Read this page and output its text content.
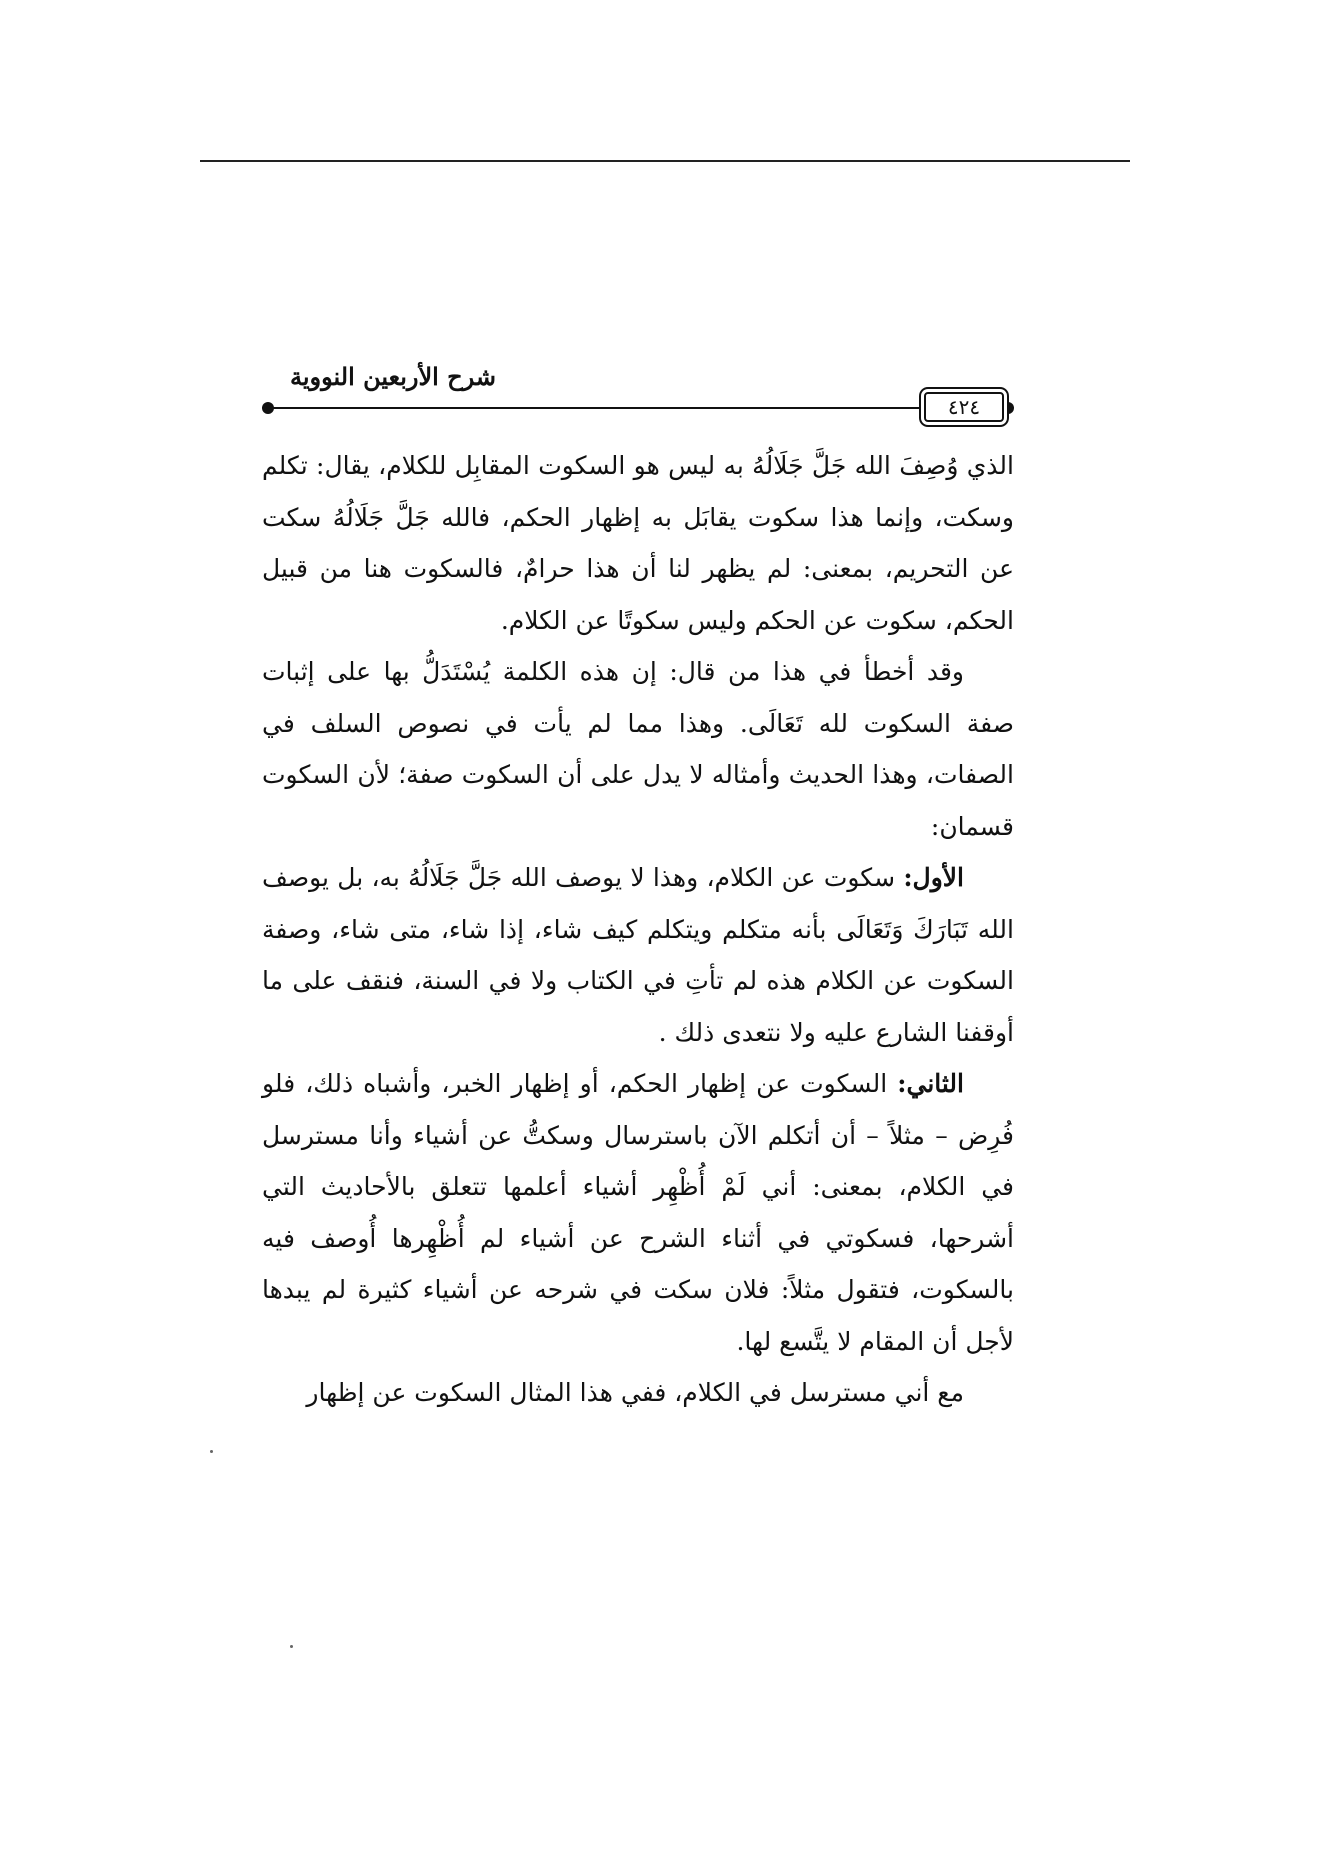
شرح الأربعين النووية
٤٢٤

الذي وُصِفَ الله جَلَّ جَلَالُهُ به ليس هو السكوت المقابِل للكلام، يقال: تكلم وسكت، وإنما هذا سكوت يقابَل به إظهار الحكم، فالله جَلَّ جَلَالُهُ سكت عن التحريم، بمعنى: لم يظهر لنا أن هذا حرامٌ، فالسكوت هنا من قبيل الحكم، سكوت عن الحكم وليس سكوتًا عن الكلام.

وقد أخطأ في هذا من قال: إن هذه الكلمة يُسْتَدَلُّ بها على إثبات صفة السكوت لله تَعَالَى. وهذا مما لم يأت في نصوص السلف في الصفات، وهذا الحديث وأمثاله لا يدل على أن السكوت صفة؛ لأن السكوت قسمان:

الأول: سكوت عن الكلام، وهذا لا يوصف الله جَلَّ جَلَالُهُ به، بل يوصف الله تَبَارَكَ وَتَعَالَى بأنه متكلم ويتكلم كيف شاء، إذا شاء، متى شاء، وصفة السكوت عن الكلام هذه لم تأتِ في الكتاب ولا في السنة، فنقف على ما أوقفنا الشارع عليه ولا نتعدى ذلك .

الثاني: السكوت عن إظهار الحكم، أو إظهار الخبر، وأشباه ذلك، فلو فُرِض – مثلاً – أن أتكلم الآن باسترسال وسكتُّ عن أشياء وأنا مسترسل في الكلام، بمعنى: أني لَمْ أُظْهِر أشياء أعلمها تتعلق بالأحاديث التي أشرحها، فسكوتي في أثناء الشرح عن أشياء لم أُظْهِرها أُوصف فيه بالسكوت، فتقول مثلاً: فلان سكت في شرحه عن أشياء كثيرة لم يبدها لأجل أن المقام لا يتَّسع لها.

مع أني مسترسل في الكلام، ففي هذا المثال السكوت عن إظهار
